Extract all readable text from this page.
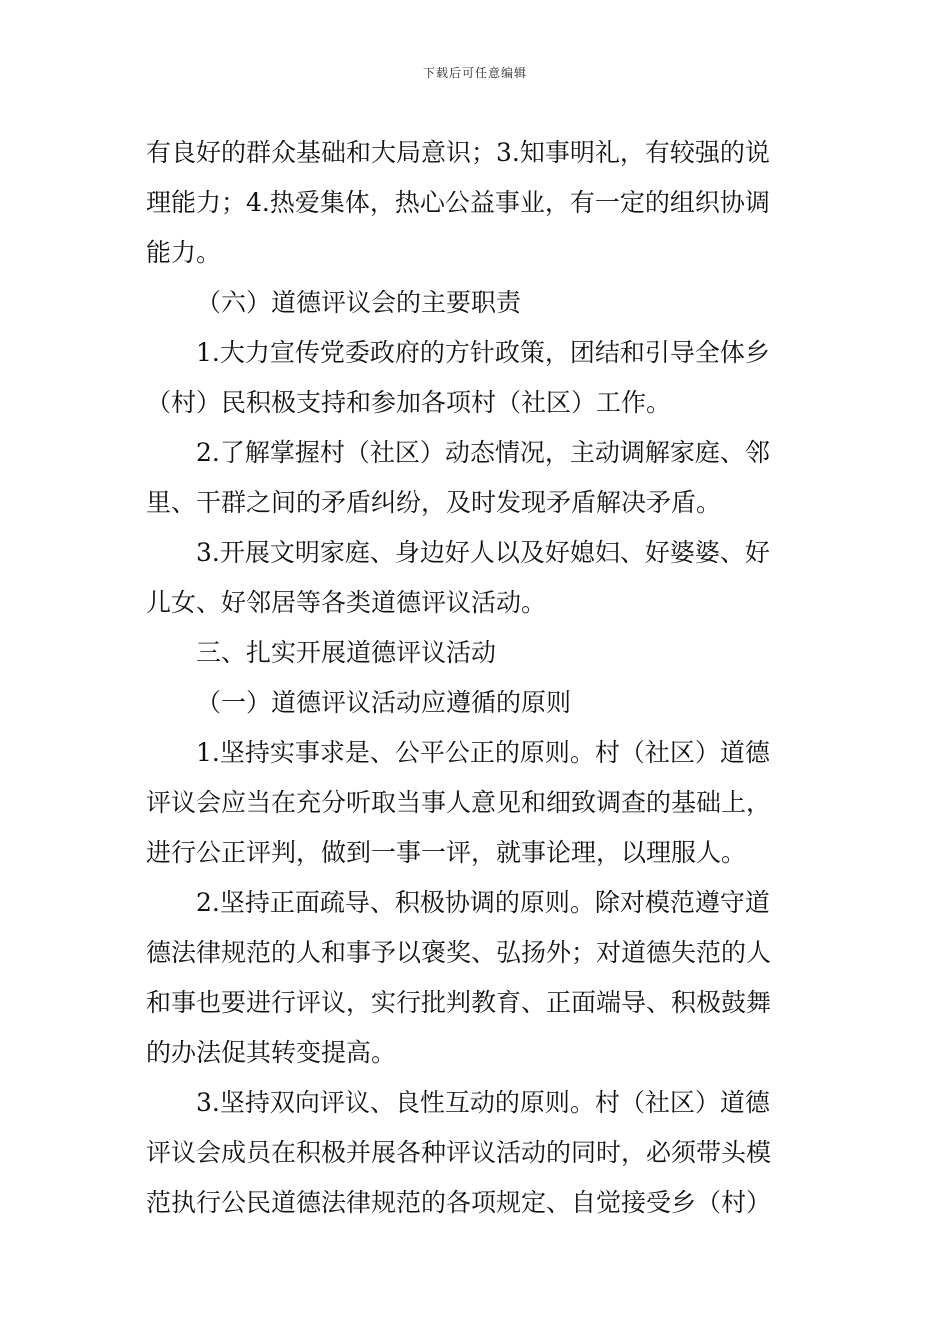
下载后可任意编辑
有良好的群众基础和大局意识；3.知事明礼，有较强的说
理能力；4.热爱集体，热心公益事业，有一定的组织协调
能力。
（六）道德评议会的主要职责
1.大力宣传党委政府的方针政策，团结和引导全体乡
（村）民积极支持和参加各项村（社区）工作。
2.了解掌握村（社区）动态情况，主动调解家庭、邻
里、干群之间的矛盾纠纷，及时发现矛盾解决矛盾。
3.开展文明家庭、身边好人以及好媳妇、好婆婆、好
儿女、好邻居等各类道德评议活动。
三、扎实开展道德评议活动
（一）道德评议活动应遵循的原则
1.坚持实事求是、公平公正的原则。村（社区）道德
评议会应当在充分听取当事人意见和细致调查的基础上，
进行公正评判，做到一事一评，就事论理，以理服人。
2.坚持正面疏导、积极协调的原则。除对模范遵守道
德法律规范的人和事予以褒奖、弘扬外；对道德失范的人
和事也要进行评议，实行批判教育、正面端导、积极鼓舞
的办法促其转变提高。
3.坚持双向评议、良性互动的原则。村（社区）道德
评议会成员在积极并展各种评议活动的同时，必须带头模
范执行公民道德法律规范的各项规定、自觉接受乡（村）
